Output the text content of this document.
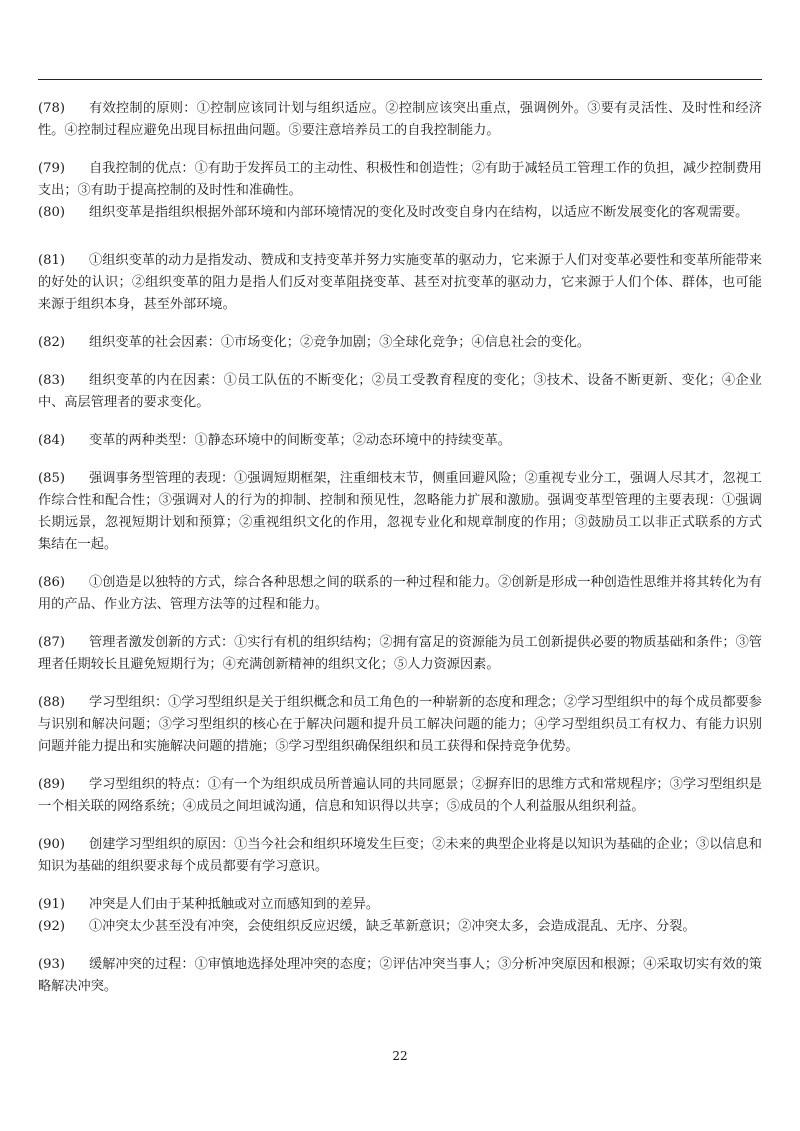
(78)	有效控制的原则：①控制应该同计划与组织适应。②控制应该突出重点，强调例外。③要有灵活性、及时性和经济性。④控制过程应避免出现目标扭曲问题。⑤要注意培养员工的自我控制能力。
(79)	自我控制的优点：①有助于发挥员工的主动性、积极性和创造性；②有助于减轻员工管理工作的负担，减少控制费用支出；③有助于提高控制的及时性和准确性。
(80)	组织变革是指组织根据外部环境和内部环境情况的变化及时改变自身内在结构，以适应不断发展变化的客观需要。
(81)	①组织变革的动力是指发动、赞成和支持变革并努力实施变革的驱动力，它来源于人们对变革必要性和变革所能带来的好处的认识；②组织变革的阻力是指人们反对变革阻挠变革、甚至对抗变革的驱动力，它来源于人们个体、群体，也可能来源于组织本身，甚至外部环境。
(82)	组织变革的社会因素：①市场变化；②竞争加剧；③全球化竞争；④信息社会的变化。
(83)	组织变革的内在因素：①员工队伍的不断变化；②员工受教育程度的变化；③技术、设备不断更新、变化；④企业中、高层管理者的要求变化。
(84)	变革的两种类型：①静态环境中的间断变革；②动态环境中的持续变革。
(85)	强调事务型管理的表现：①强调短期框架，注重细枝末节，侧重回避风险；②重视专业分工，强调人尽其才，忽视工作综合性和配合性；③强调对人的行为的抑制、控制和预见性，忽略能力扩展和激励。强调变革型管理的主要表现：①强调长期远景，忽视短期计划和预算；②重视组织文化的作用，忽视专业化和规章制度的作用；③鼓励员工以非正式联系的方式集结在一起。
(86)	①创造是以独特的方式，综合各种思想之间的联系的一种过程和能力。②创新是形成一种创造性思维并将其转化为有用的产品、作业方法、管理方法等的过程和能力。
(87)	管理者激发创新的方式：①实行有机的组织结构；②拥有富足的资源能为员工创新提供必要的物质基础和条件；③管理者任期较长且避免短期行为；④充满创新精神的组织文化；⑤人力资源因素。
(88)	学习型组织：①学习型组织是关于组织概念和员工角色的一种崭新的态度和理念；②学习型组织中的每个成员都要参与识别和解决问题；③学习型组织的核心在于解决问题和提升员工解决问题的能力；④学习型组织员工有权力、有能力识别问题并能力提出和实施解决问题的措施；⑤学习型组织确保组织和员工获得和保持竞争优势。
(89)	学习型组织的特点：①有一个为组织成员所普遍认同的共同愿景；②摒弃旧的思维方式和常规程序；③学习型组织是一个相关联的网络系统；④成员之间坦诚沟通，信息和知识得以共享；⑤成员的个人利益服从组织利益。
(90)	创建学习型组织的原因：①当今社会和组织环境发生巨变；②未来的典型企业将是以知识为基础的企业；③以信息和知识为基础的组织要求每个成员都要有学习意识。
(91)	冲突是人们由于某种抵触或对立而感知到的差异。
(92)	①冲突太少甚至没有冲突，会使组织反应迟缓，缺乏革新意识；②冲突太多，会造成混乱、无序、分裂。
(93)	缓解冲突的过程：①审慎地选择处理冲突的态度；②评估冲突当事人；③分析冲突原因和根源；④采取切实有效的策略解决冲突。
22
